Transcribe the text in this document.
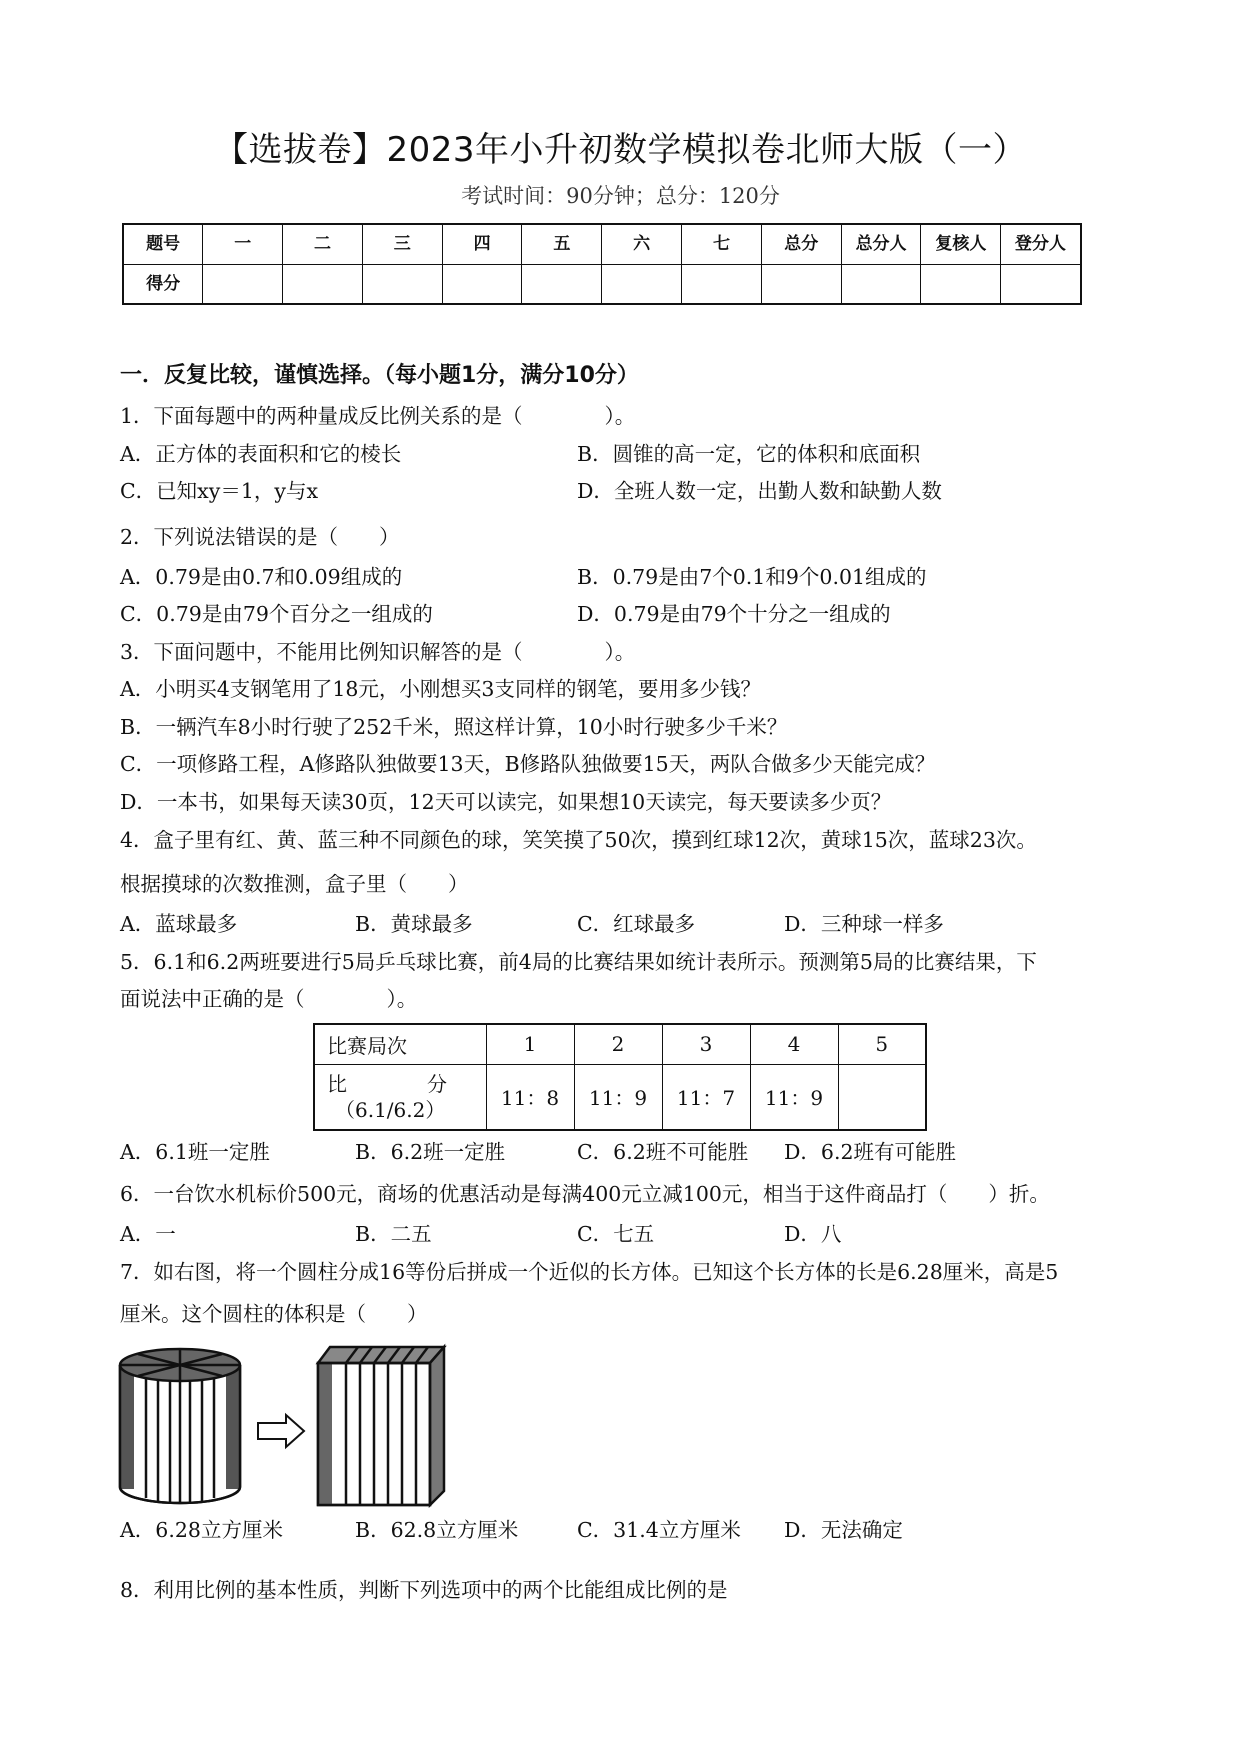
【选拔卷】2023年小升初数学模拟卷北师大版（一）
考试时间：90分钟；总分：120分
题号	一	二	三	四	五	六	七	总分	总分人	复核人	登分人
得分											
一．反复比较，谨慎选择。（每小题1分，满分10分）
1．下面每题中的两种量成反比例关系的是（　　　　）。
A．正方体的表面积和它的棱长	B．圆锥的高一定，它的体积和底面积
C．已知xy＝1，y与x	D．全班人数一定，出勤人数和缺勤人数
2．下列说法错误的是（　　）
A．0.79是由0.7和0.09组成的	B．0.79是由7个0.1和9个0.01组成的
C．0.79是由79个百分之一组成的	D．0.79是由79个十分之一组成的
3．下面问题中，不能用比例知识解答的是（　　　　）。
A．小明买4支钢笔用了18元，小刚想买3支同样的钢笔，要用多少钱？
B．一辆汽车8小时行驶了252千米，照这样计算，10小时行驶多少千米？
C．一项修路工程，A修路队独做要13天，B修路队独做要15天，两队合做多少天能完成？
D．一本书，如果每天读30页，12天可以读完，如果想10天读完，每天要读多少页？
4．盒子里有红、黄、蓝三种不同颜色的球，笑笑摸了50次，摸到红球12次，黄球15次，蓝球23次。
根据摸球的次数推测，盒子里（　　）
A．蓝球最多	B．黄球最多	C．红球最多	D．三种球一样多
5．6.1和6.2两班要进行5局乒乓球比赛，前4局的比赛结果如统计表所示。预测第5局的比赛结果，下
面说法中正确的是（　　　　）。
比赛局次	1	2	3	4	5

比　　　　分
（6.1/6.2）	11：8	11：9	11：7	11：9	
A．6.1班一定胜	B．6.2班一定胜	C．6.2班不可能胜 D．6.2班有可能胜
6．一台饮水机标价500元，商场的优惠活动是每满400元立减100元，相当于这件商品打（　　）折。
A．一	B．二五	C．七五	D．八
7．如右图，将一个圆柱分成16等份后拼成一个近似的长方体。已知这个长方体的长是6.28厘米，高是5
厘米。这个圆柱的体积是（　　）
A．6.28立方厘米	B．62.8立方厘米	C．31.4立方厘米 D．无法确定
8．利用比例的基本性质，判断下列选项中的两个比能组成比例的是
